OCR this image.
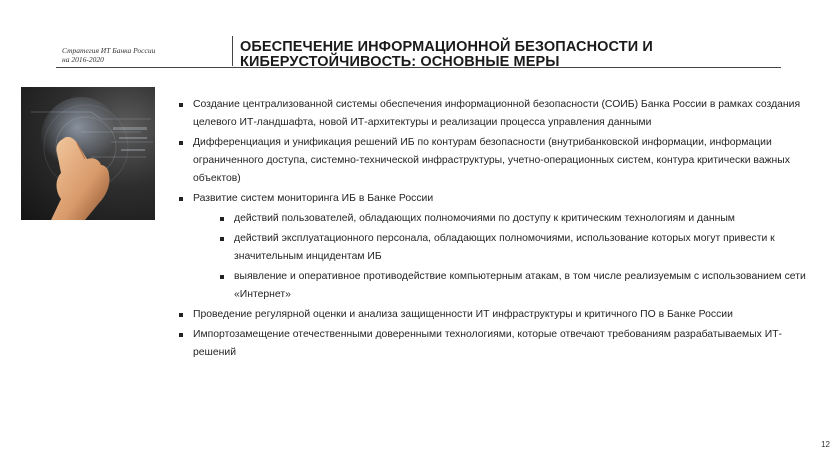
Стратегия ИТ Банка России
на 2016-2020
ОБЕСПЕЧЕНИЕ ИНФОРМАЦИОННОЙ БЕЗОПАСНОСТИ И
КИБЕРУСТОЙЧИВОСТЬ: ОСНОВНЫЕ МЕРЫ
Создание централизованной системы обеспечения информационной безопасности (СОИБ) Банка России в рамках создания целевого ИТ-ландшафта, новой ИТ-архитектуры и реализации процесса управления данными
Дифференциация и унификация решений ИБ по контурам безопасности (внутрибанковской информации, информации ограниченного доступа, системно-технической инфраструктуры, учетно-операционных систем, контура критически важных объектов)
Развитие систем мониторинга ИБ в Банке России
действий пользователей, обладающих полномочиями по доступу к критическим технологиям и данным
действий эксплуатационного персонала, обладающих полномочиями, использование которых могут привести к значительным инцидентам ИБ
выявление и оперативное противодействие компьютерным атакам, в том числе реализуемым с использованием сети «Интернет»
Проведение регулярной оценки и анализа защищенности ИТ инфраструктуры и критичного ПО в Банке России
Импортозамещение отечественными доверенными технологиями, которые отвечают требованиям разрабатываемых ИТ-решений
12
